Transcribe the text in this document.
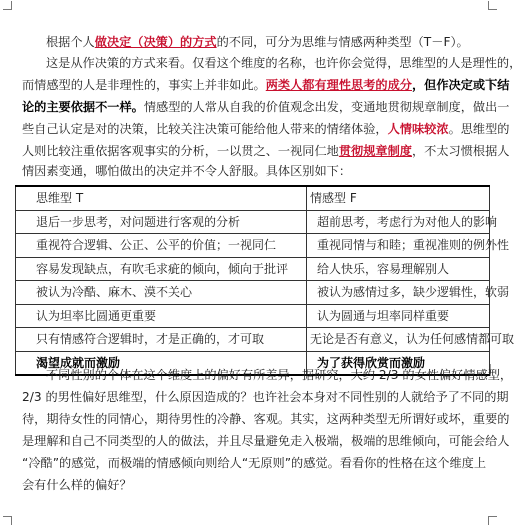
根据个人做决定（决策）的方式的不同，可分为思维与情感两种类型（T－F）。
这是从作决策的方式来看。仅看这个维度的名称，也许你会觉得，思维型的人是理性的，
而情感型的人是非理性的，事实上并非如此。两类人都有理性思考的成分，但作决定或下结
论的主要依据不一样。情感型的人常从自我的价值观念出发，变通地贯彻规章制度，做出一
些自己认定是对的决策，比较关注决策可能给他人带来的情绪体验，人情味较浓。思维型的
人则比较注重依据客观事实的分析，一以贯之、一视同仁地贯彻规章制度，不太习惯根据人
情因素变通，哪怕做出的决定并不令人舒服。具体区别如下：
思维型 T	情感型 F
退后一步思考，对问题进行客观的分析	超前思考，考虑行为对他人的影响
重视符合逻辑、公正、公平的价值；一视同仁	重视同情与和睦；重视准则的例外性
容易发现缺点，有吹毛求疵的倾向，倾向于批评	给人快乐，容易理解别人
被认为冷酷、麻木、漠不关心	被认为感情过多，缺少逻辑性，软弱
认为坦率比圆通更重要	认为圆通与坦率同样重要
只有情感符合逻辑时，才是正确的，才可取	无论是否有意义，认为任何感情都可取
渴望成就而激励	为了获得欣赏而激励
不同性别的个体在这个维度上的偏好有所差异，据研究，大约 2/3 的女性偏好情感型，
2/3 的男性偏好思维型，什么原因造成的？也许社会本身对不同性别的人就给予了不同的期
待，期待女性的同情心，期待男性的冷静、客观。其实，这两种类型无所谓好或坏，重要的
是理解和自己不同类型的人的做法，并且尽量避免走入极端，极端的思维倾向，可能会给人
“冷酷”的感觉，而极端的情感倾向则给人“无原则”的感觉。看看你的性格在这个维度上
会有什么样的偏好？
